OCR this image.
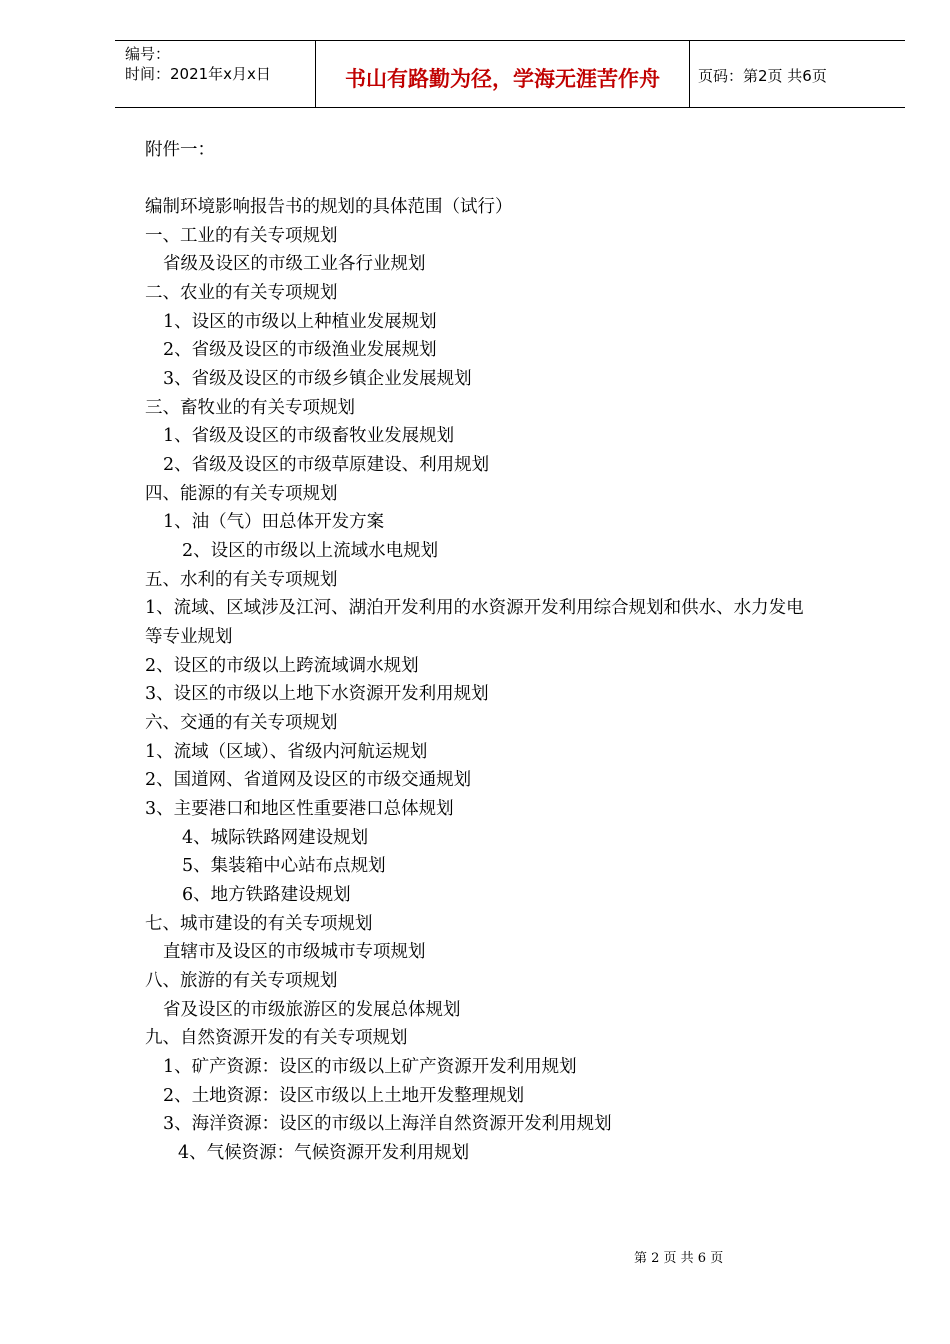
编号：
时间：2021年x月x日	书山有路勤为径，学海无涯苦作舟	页码：第2页 共6页
附件一：
编制环境影响报告书的规划的具体范围（试行）
一、工业的有关专项规划
省级及设区的市级工业各行业规划
二、农业的有关专项规划
1、设区的市级以上种植业发展规划
2、省级及设区的市级渔业发展规划
3、省级及设区的市级乡镇企业发展规划
三、畜牧业的有关专项规划
1、省级及设区的市级畜牧业发展规划
2、省级及设区的市级草原建设、利用规划
四、能源的有关专项规划
1、油（气）田总体开发方案
2、设区的市级以上流域水电规划
五、水利的有关专项规划
1、流域、区域涉及江河、湖泊开发利用的水资源开发利用综合规划和供水、水力发电
等专业规划
2、设区的市级以上跨流域调水规划
3、设区的市级以上地下水资源开发利用规划
六、交通的有关专项规划
1、流域（区域）、省级内河航运规划
2、国道网、省道网及设区的市级交通规划
3、主要港口和地区性重要港口总体规划
4、城际铁路网建设规划
5、集装箱中心站布点规划
6、地方铁路建设规划
七、城市建设的有关专项规划
直辖市及设区的市级城市专项规划
八、旅游的有关专项规划
省及设区的市级旅游区的发展总体规划
九、自然资源开发的有关专项规划
1、矿产资源：设区的市级以上矿产资源开发利用规划
2、土地资源：设区市级以上土地开发整理规划
3、海洋资源：设区的市级以上海洋自然资源开发利用规划
4、气候资源：气候资源开发利用规划
第 2 页 共 6 页
